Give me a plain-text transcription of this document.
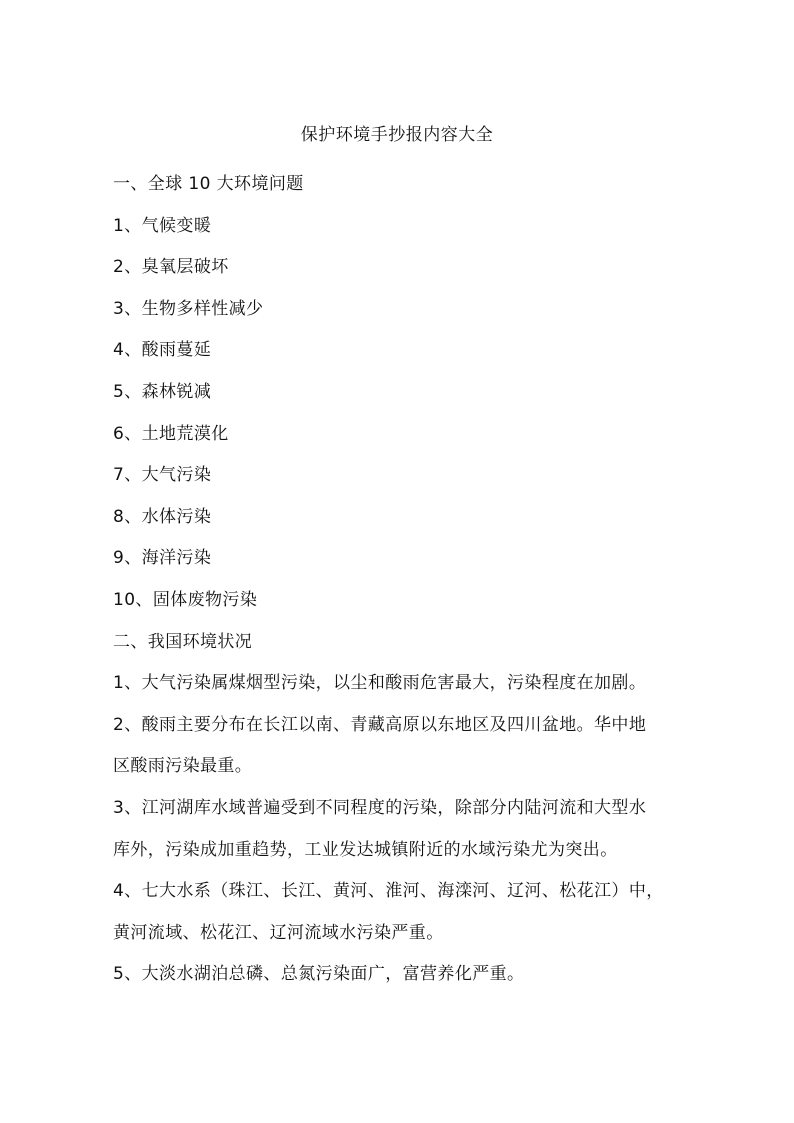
保护环境手抄报内容大全
一、全球 10 大环境问题
1、气候变暖
2、臭氧层破坏
3、生物多样性减少
4、酸雨蔓延
5、森林锐减
6、土地荒漠化
7、大气污染
8、水体污染
9、海洋污染
10、固体废物污染
二、我国环境状况
1、大气污染属煤烟型污染，以尘和酸雨危害最大，污染程度在加剧。
2、酸雨主要分布在长江以南、青藏高原以东地区及四川盆地。华中地
区酸雨污染最重。
3、江河湖库水域普遍受到不同程度的污染，除部分内陆河流和大型水
库外，污染成加重趋势，工业发达城镇附近的水域污染尤为突出。
4、七大水系（珠江、长江、黄河、淮河、海滦河、辽河、松花江）中，
黄河流域、松花江、辽河流域水污染严重。
5、大淡水湖泊总磷、总氮污染面广，富营养化严重。
